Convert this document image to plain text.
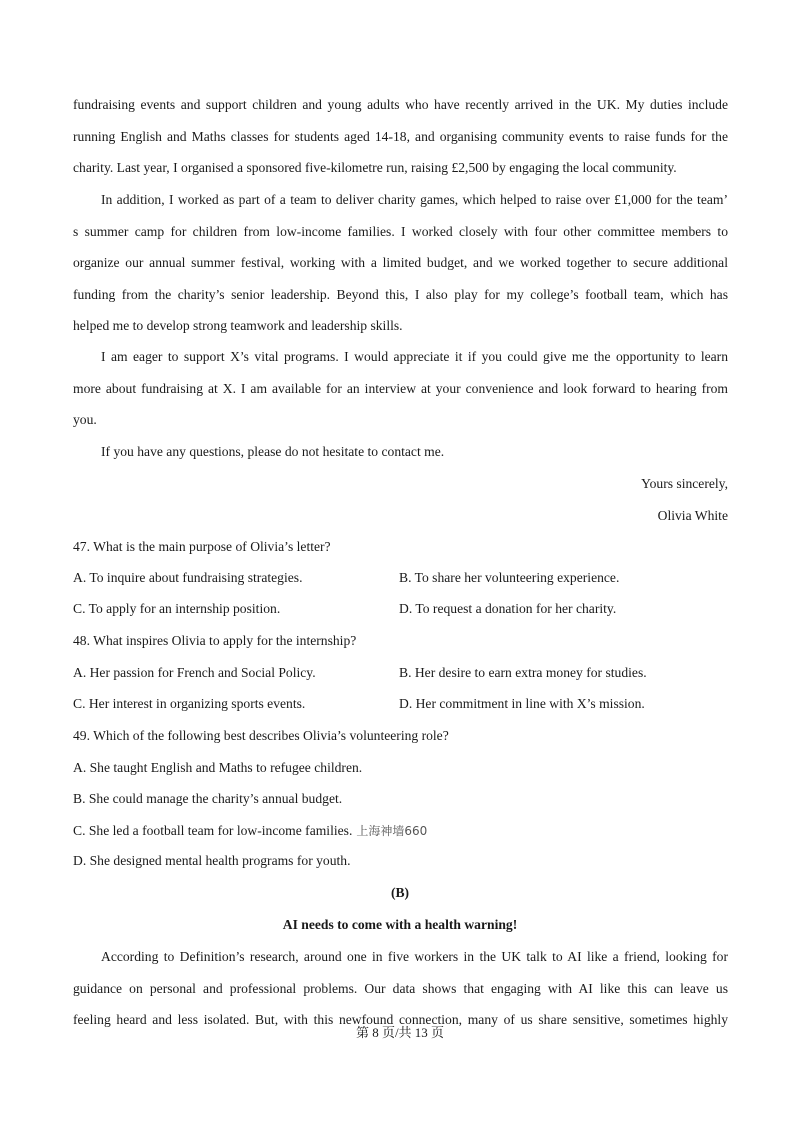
fundraising events and support children and young adults who have recently arrived in the UK. My duties include
running English and Maths classes for students aged 14-18, and organising community events to raise funds for the
charity. Last year, I organised a sponsored five-kilometre run, raising £2,500 by engaging the local community.
In addition, I worked as part of a team to deliver charity games, which helped to raise over £1,000 for the team’
s summer camp for children from low-income families. I worked closely with four other committee members to
organize our annual summer festival, working with a limited budget, and we worked together to secure additional
funding from the charity’s senior leadership. Beyond this, I also play for my college’s football team, which has
helped me to develop strong teamwork and leadership skills.
I am eager to support X’s vital programs. I would appreciate it if you could give me the opportunity to learn
more about fundraising at X. I am available for an interview at your convenience and look forward to hearing from
you.
If you have any questions, please do not hesitate to contact me.
Yours sincerely,
Olivia White
47. What is the main purpose of Olivia’s letter?
A. To inquire about fundraising strategies.	B. To share her volunteering experience.
C. To apply for an internship position.	D. To request a donation for her charity.
48. What inspires Olivia to apply for the internship?
A. Her passion for French and Social Policy.	B. Her desire to earn extra money for studies.
C. Her interest in organizing sports events.	D. Her commitment in line with X’s mission.
49. Which of the following best describes Olivia’s volunteering role?
A. She taught English and Maths to refugee children.
B. She could manage the charity’s annual budget.
C. She led a football team for low-income families. 上海神墙660
D. She designed mental health programs for youth.
(B)
AI needs to come with a health warning!
According to Definition’s research, around one in five workers in the UK talk to AI like a friend, looking for
guidance on personal and professional problems. Our data shows that engaging with AI like this can leave us
feeling heard and less isolated. But, with this newfound connection, many of us share sensitive, sometimes highly
第 8 页/共 13 页
